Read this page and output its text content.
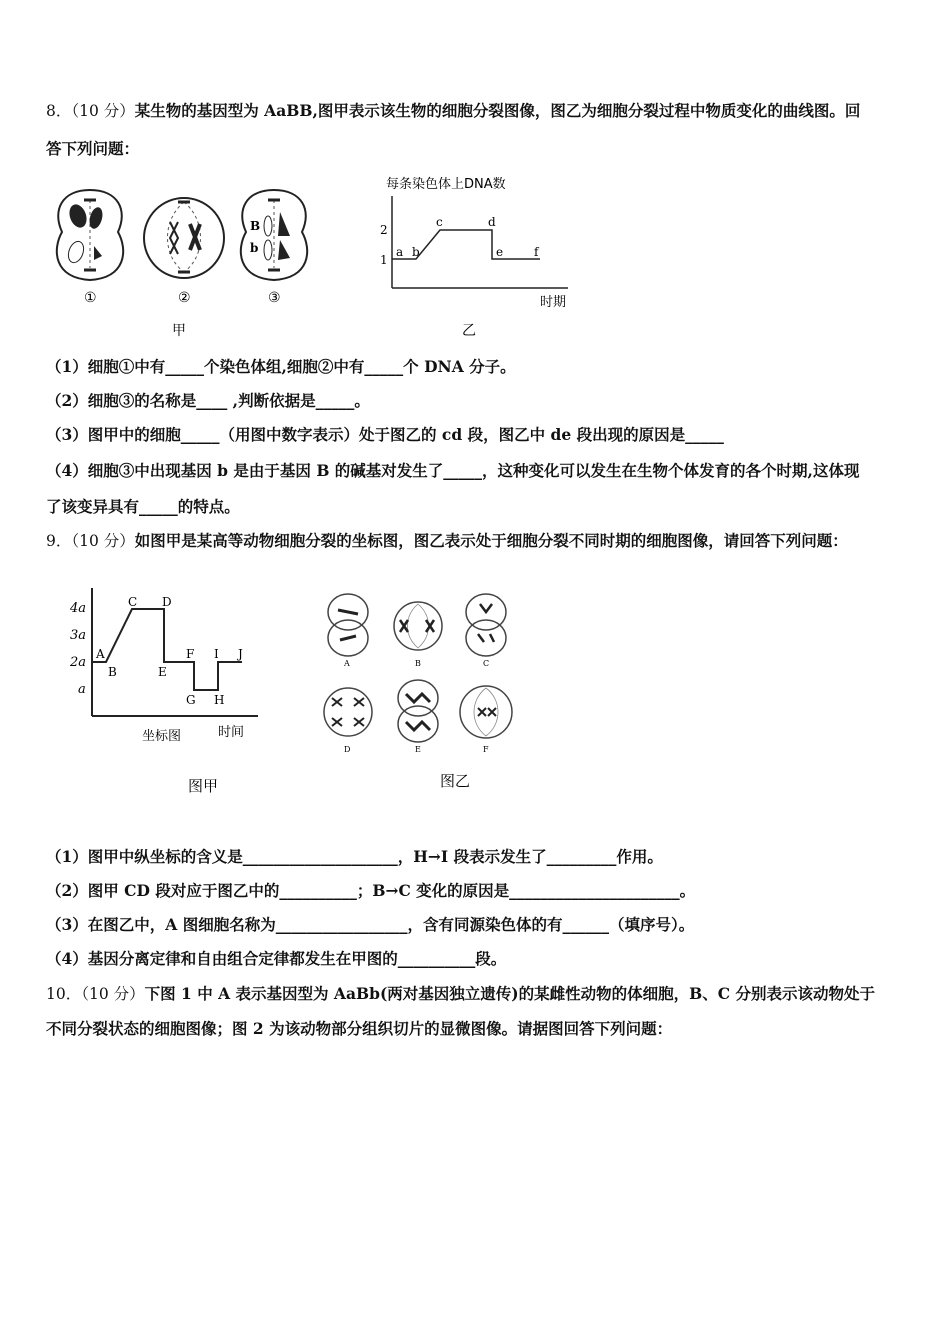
8．（10 分）某生物的基因型为 AaBB,图甲表示该生物的细胞分裂图像，图乙为细胞分裂过程中物质变化的曲线图。回
答下列问题：
①	②
B
b
③
甲
每条染色体上DNA数
1
2
a b
c	d
e	f
时期
乙
（1）细胞①中有_____个染色体组,细胞②中有_____个 DNA 分子。
（2）细胞③的名称是____ ,判断依据是_____。
（3）图甲中的细胞_____（用图中数字表示）处于图乙的 cd 段，图乙中 de 段出现的原因是_____
（4）细胞③中出现基因 b 是由于基因 B 的碱基对发生了_____，这种变化可以发生在生物个体发育的各个时期,这体现
了该变异具有_____的特点。
9．（10 分）如图甲是某高等动物细胞分裂的坐标图，图乙表示处于细胞分裂不同时期的细胞图像，请回答下列问题：
4a
3a
2a
a
A
B
C D
E
F
G H
I J
坐标图	时间
图甲
A	B	C
D	E	F
图乙
（1）图甲中纵坐标的含义是____________________，H→I 段表示发生了_________作用。
（2）图甲 CD 段对应于图乙中的__________；B→C 变化的原因是______________________。
（3）在图乙中，A 图细胞名称为_________________，含有同源染色体的有______（填序号）。
（4）基因分离定律和自由组合定律都发生在甲图的__________段。
10．（10 分）下图 1 中 A 表示基因型为 AaBb(两对基因独立遗传)的某雌性动物的体细胞，B、C 分别表示该动物处于
不同分裂状态的细胞图像；图 2 为该动物部分组织切片的显微图像。请据图回答下列问题：
